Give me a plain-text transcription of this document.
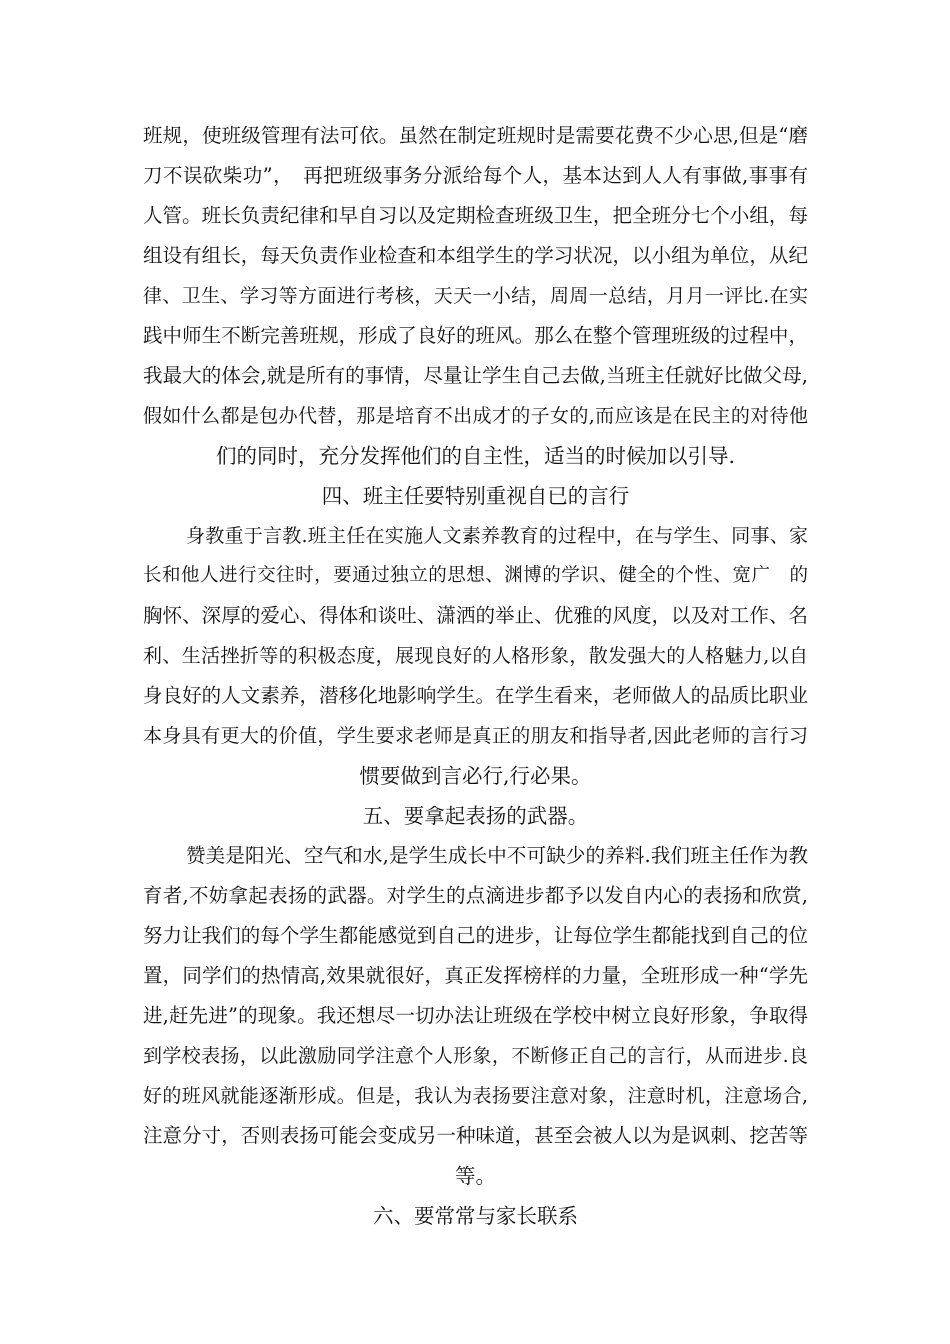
班规，使班级管理有法可依。虽然在制定班规时是需要花费不少心思,但是“磨
刀不误砍柴功”，　再把班级事务分派给每个人，基本达到人人有事做,事事有
人管。班长负责纪律和早自习以及定期检查班级卫生，把全班分七个小组，每
组设有组长，每天负责作业检查和本组学生的学习状况，以小组为单位，从纪
律、卫生、学习等方面进行考核，天天一小结，周周一总结，月月一评比.在实
践中师生不断完善班规，形成了良好的班风。那么在整个管理班级的过程中，
我最大的体会,就是所有的事情，尽量让学生自己去做,当班主任就好比做父母,
假如什么都是包办代替，那是培育不出成才的子女的,而应该是在民主的对待他
们的同时，充分发挥他们的自主性，适当的时候加以引导.
四、班主任要特别重视自已的言行
身教重于言教.班主任在实施人文素养教育的过程中，在与学生、同事、家
长和他人进行交往时，要通过独立的思想、渊博的学识、健全的个性、宽广　的
胸怀、深厚的爱心、得体和谈吐、潇洒的举止、优雅的风度，以及对工作、名
利、生活挫折等的积极态度，展现良好的人格形象，散发强大的人格魅力,以自
身良好的人文素养，潜移化地影响学生。在学生看来，老师做人的品质比职业
本身具有更大的价值，学生要求老师是真正的朋友和指导者,因此老师的言行习
惯要做到言必行,行必果。
五、要拿起表扬的武器。
赞美是阳光、空气和水,是学生成长中不可缺少的养料.我们班主任作为教
育者,不妨拿起表扬的武器。对学生的点滴进步都予以发自内心的表扬和欣赏,
努力让我们的每个学生都能感觉到自己的进步，让每位学生都能找到自己的位
置，同学们的热情高,效果就很好，真正发挥榜样的力量，全班形成一种“学先
进,赶先进”的现象。我还想尽一切办法让班级在学校中树立良好形象，争取得
到学校表扬，以此激励同学注意个人形象，不断修正自己的言行，从而进步.良
好的班风就能逐渐形成。但是，我认为表扬要注意对象，注意时机，注意场合,
注意分寸，否则表扬可能会变成另一种味道，甚至会被人以为是讽刺、挖苦等
等。
六、要常常与家长联系
